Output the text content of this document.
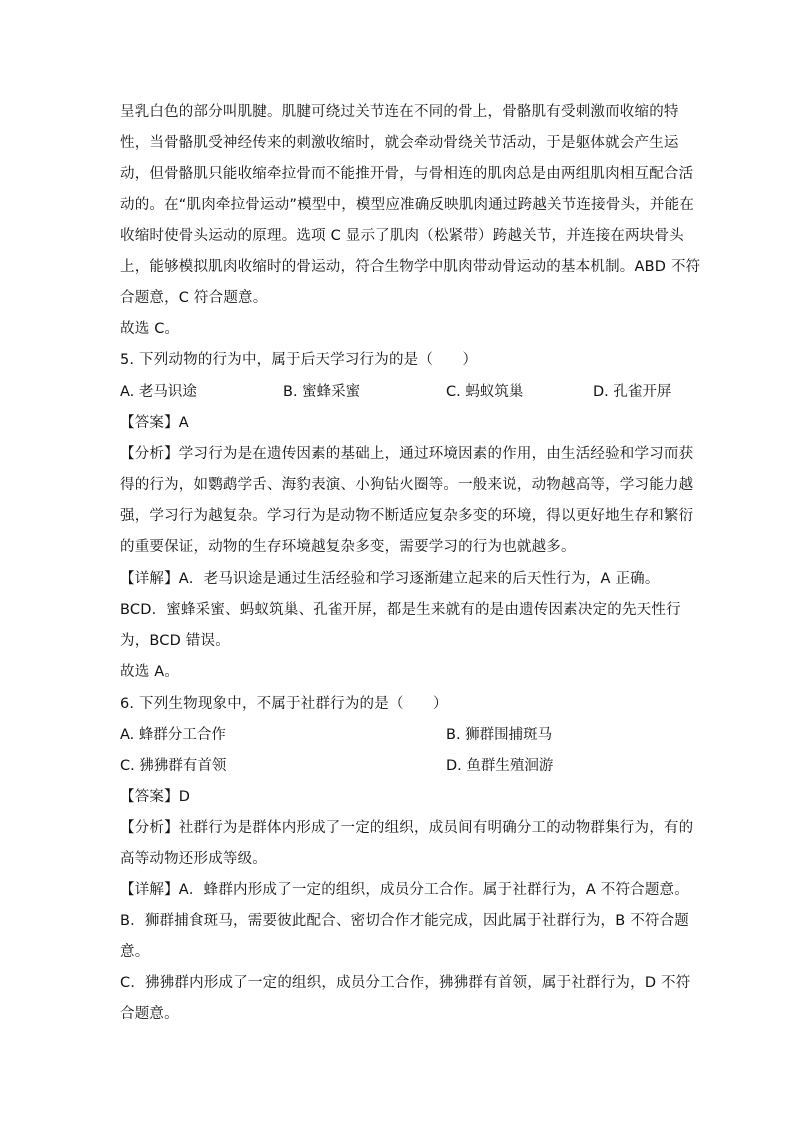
呈乳白色的部分叫肌腱。肌腱可绕过关节连在不同的骨上，骨骼肌有受刺激而收缩的特
性，当骨骼肌受神经传来的刺激收缩时，就会牵动骨绕关节活动，于是躯体就会产生运
动，但骨骼肌只能收缩牵拉骨而不能推开骨，与骨相连的肌肉总是由两组肌肉相互配合活
动的。在“肌肉牵拉骨运动”模型中，模型应准确反映肌肉通过跨越关节连接骨头，并能在
收缩时使骨头运动的原理。选项 C 显示了肌肉（松紧带）跨越关节，并连接在两块骨头
上，能够模拟肌肉收缩时的骨运动，符合生物学中肌肉带动骨运动的基本机制。ABD 不符
合题意，C 符合题意。
故选 C。
5. 下列动物的行为中，属于后天学习行为的是（　　）
A. 老马识途	B. 蜜蜂采蜜	C. 蚂蚁筑巢	D. 孔雀开屏
【答案】A
【分析】学习行为是在遗传因素的基础上，通过环境因素的作用，由生活经验和学习而获
得的行为，如鹦鹉学舌、海豹表演、小狗钻火圈等。一般来说，动物越高等，学习能力越
强，学习行为越复杂。学习行为是动物不断适应复杂多变的环境，得以更好地生存和繁衍
的重要保证，动物的生存环境越复杂多变，需要学习的行为也就越多。
【详解】A．老马识途是通过生活经验和学习逐渐建立起来的后天性行为，A 正确。
BCD．蜜蜂采蜜、蚂蚁筑巢、孔雀开屏，都是生来就有的是由遗传因素决定的先天性行
为，BCD 错误。
故选 A。
6. 下列生物现象中，不属于社群行为的是（　　）
A. 蜂群分工合作	B. 狮群围捕斑马
C. 狒狒群有首领	D. 鱼群生殖洄游
【答案】D
【分析】社群行为是群体内形成了一定的组织，成员间有明确分工的动物群集行为，有的
高等动物还形成等级。
【详解】A．蜂群内形成了一定的组织，成员分工合作。属于社群行为，A 不符合题意。
B．狮群捕食斑马，需要彼此配合、密切合作才能完成，因此属于社群行为，B 不符合题
意。
C．狒狒群内形成了一定的组织，成员分工合作，狒狒群有首领，属于社群行为，D 不符
合题意。
